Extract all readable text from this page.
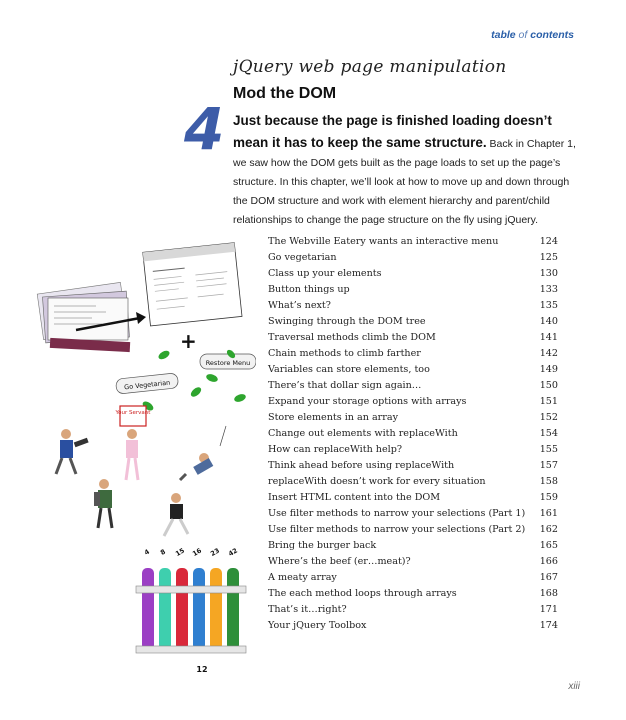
table of contents
jQuery web page manipulation
Mod the DOM
4 Just because the page is finished loading doesn’t mean it has to keep the same structure. Back in Chapter 1, we saw how the DOM gets built as the page loads to set up the page’s structure. In this chapter, we’ll look at how to move up and down through the DOM structure and work with element hierarchy and parent/child relationships to change the page structure on the fly using jQuery.
+
Restore Menu
Go Vegetarian
Your Servant
4 8 15 16 23 42
12
The Webville Eatery wants an interactive menu	124
Go vegetarian	125
Class up your elements	130
Button things up	133
What’s next?	135
Swinging through the DOM tree	140
Traversal methods climb the DOM	141
Chain methods to climb farther	142
Variables can store elements, too	149
There’s that dollar sign again…	150
Expand your storage options with arrays	151
Store elements in an array	152
Change out elements with replaceWith	154
How can replaceWith help?	155
Think ahead before using replaceWith	157
replaceWith doesn’t work for every situation	158
Insert HTML content into the DOM	159
Use filter methods to narrow your selections (Part 1) 161
Use filter methods to narrow your selections (Part 2) 162
Bring the burger back	165
Where’s the beef (er…meat)?	166
A meaty array	167
The each method loops through arrays	168
That’s it…right?	171
Your jQuery Toolbox	174
xiii
